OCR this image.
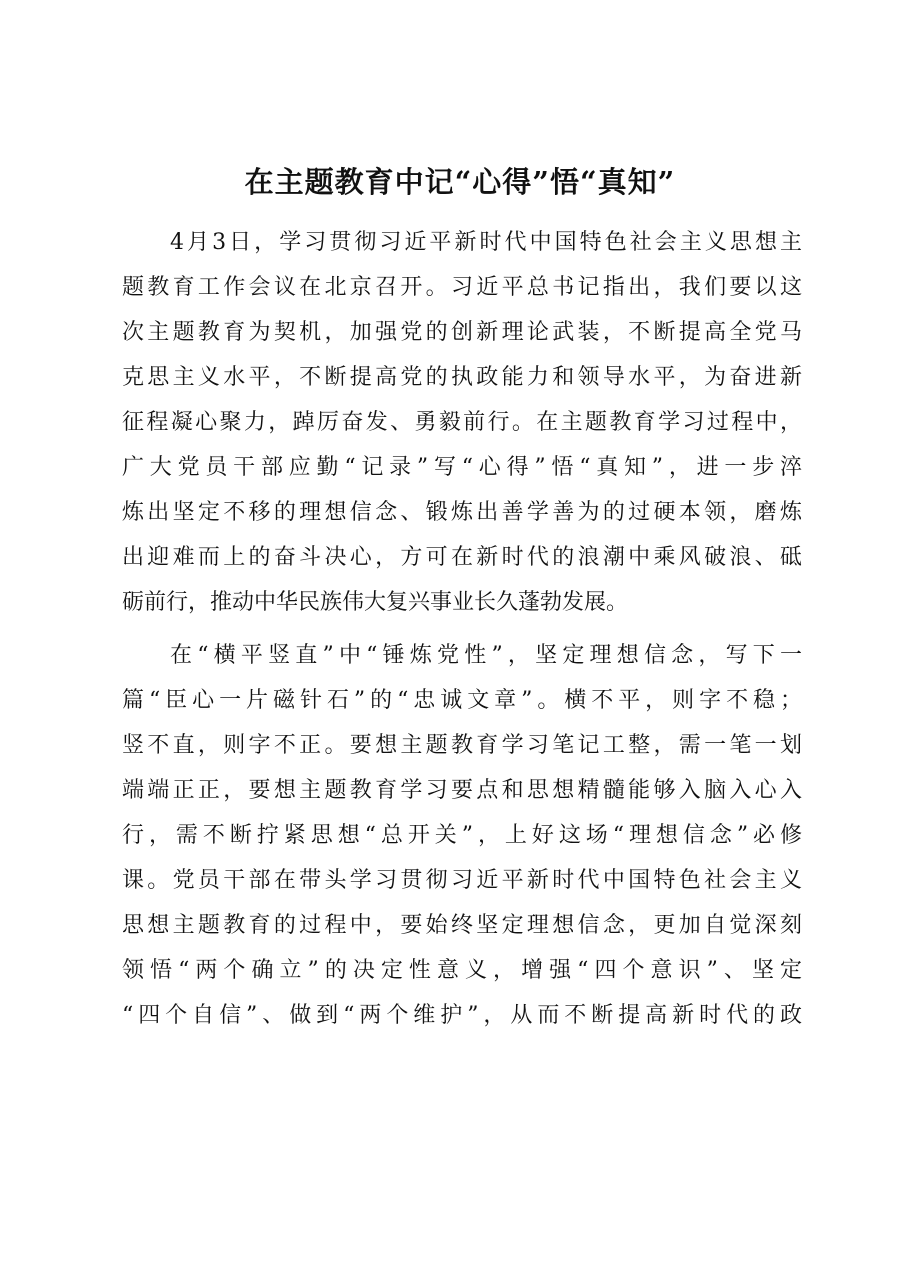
在主题教育中记“心得”悟“真知”
4月3日，学习贯彻习近平新时代中国特色社会主义思想主
题教育工作会议在北京召开。习近平总书记指出，我们要以这
次主题教育为契机，加强党的创新理论武装，不断提高全党马
克思主义水平，不断提高党的执政能力和领导水平，为奋进新
征程凝心聚力，踔厉奋发、勇毅前行。在主题教育学习过程中，
广大党员干部应勤“记录”写“心得”悟“真知”，进一步淬
炼出坚定不移的理想信念、锻炼出善学善为的过硬本领，磨炼
出迎难而上的奋斗决心，方可在新时代的浪潮中乘风破浪、砥
砺前行，推动中华民族伟大复兴事业长久蓬勃发展。
在“横平竖直”中“锤炼党性”，坚定理想信念，写下一
篇“臣心一片磁针石”的“忠诚文章”。横不平，则字不稳；
竖不直，则字不正。要想主题教育学习笔记工整，需一笔一划
端端正正，要想主题教育学习要点和思想精髓能够入脑入心入
行，需不断拧紧思想“总开关”，上好这场“理想信念”必修
课。党员干部在带头学习贯彻习近平新时代中国特色社会主义
思想主题教育的过程中，要始终坚定理想信念，更加自觉深刻
领悟“两个确立”的决定性意义，增强“四个意识”、坚定
“四个自信”、做到“两个维护”，从而不断提高新时代的政
